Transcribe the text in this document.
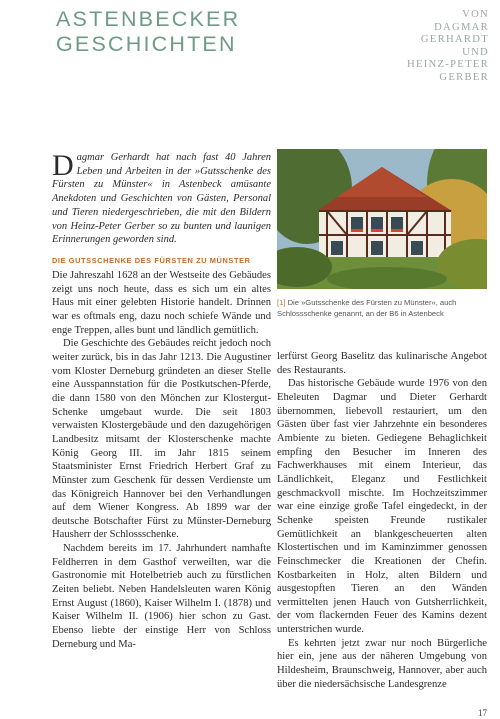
ASTENBECKER
GESCHICHTEN
VON
DAGMAR
GERHARDT
UND
HEINZ-PETER
GERBER
Dagmar Gerhardt hat nach fast 40 Jahren Leben und Arbeiten in der »Gutsschenke des Fürsten zu Münster« in Astenbeck amüsante Anekdoten und Geschichten von Gästen, Personal und Tieren niedergeschrieben, die mit den Bildern von Heinz-Peter Gerber so zu bunten und launigen Erinnerungen geworden sind.
DIE GUTSSCHENKE DES FÜRSTEN ZU MÜNSTER

Die Jahreszahl 1628 an der Westseite des Gebäudes zeigt uns noch heute, dass es sich um ein altes Haus mit einer gelebten Historie handelt. Drinnen war es oftmals eng, dazu noch schiefe Wände und enge Treppen, alles bunt und ländlich gemütlich.

Die Geschichte des Gebäudes reicht jedoch noch weiter zurück, bis in das Jahr 1213. Die Augustiner vom Kloster Derneburg gründeten an dieser Stelle eine Ausspannstation für die Postkutschen-Pferde, die dann 1580 von den Mönchen zur Klostergut-Schenke umgebaut wurde. Die seit 1803 verwaisten Klostergebäude und den dazugehörigen Landbesitz mitsamt der Klosterschenke machte König Georg III. im Jahr 1815 seinem Staatsminister Ernst Friedrich Herbert Graf zu Münster zum Geschenk für dessen Verdienste um das Königreich Hannover bei den Verhandlungen auf dem Wiener Kongress. Ab 1899 war der deutsche Botschafter Fürst zu Münster-Derneburg Hausherr der Schlossschenke.

Nachdem bereits im 17. Jahrhundert namhafte Feldherren in dem Gasthof verweilten, war die Gastronomie mit Hotelbetrieb auch zu fürstlichen Zeiten beliebt. Neben Handelsleuten waren König Ernst August (1860), Kaiser Wilhelm I. (1878) und Kaiser Wilhelm II. (1906) hier schon zu Gast. Ebenso liebte der einstige Herr von Schloss Derneburg und Ma-

[1] Die »Gutsschenke des Fürsten zu Münster«, auch Schlossschenke genannt, an der B6 in Astenbeck

lerfürst Georg Baselitz das kulinarische Angebot des Restaurants.

Das historische Gebäude wurde 1976 von den Eheleuten Dagmar und Dieter Gerhardt übernommen, liebevoll restauriert, um den Gästen über fast vier Jahrzehnte ein besonderes Ambiente zu bieten. Gediegene Behaglichkeit empfing den Besucher im Inneren des Fachwerkhauses mit einem Interieur, das Ländlichkeit, Eleganz und Festlichkeit geschmackvoll mischte. Im Hochzeitszimmer war eine einzige große Tafel eingedeckt, in der Schenke speisten Freunde rustikaler Gemütlichkeit an blankgescheuerten alten Klostertischen und im Kaminzimmer genossen Feinschmecker die Kreationen der Chefin. Kostbarkeiten in Holz, alten Bildern und ausgestopften Tieren an den Wänden vermittelten jenen Hauch von Gutsherrlichkeit, der vom flackernden Feuer des Kamins dezent unterstrichen wurde.

Es kehrten jetzt zwar nur noch Bürgerliche hier ein, jene aus der näheren Umgebung von Hildesheim, Braunschweig, Hannover, aber auch über die niedersächsische Landesgrenze

17
